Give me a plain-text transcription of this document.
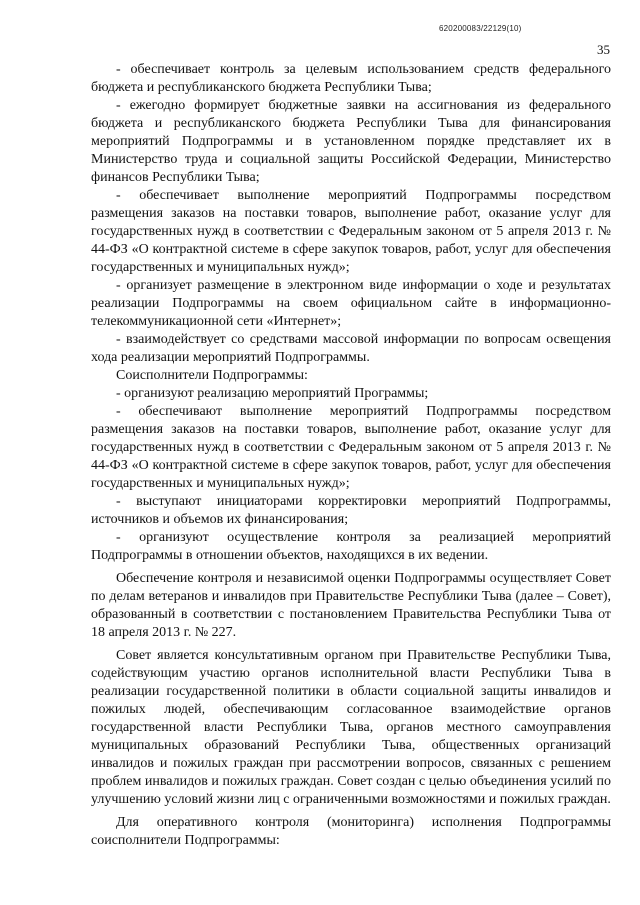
620200083/22129(10)
35

- обеспечивает контроль за целевым использованием средств федерального бюджета и республиканского бюджета Республики Тыва;

- ежегодно формирует бюджетные заявки на ассигнования из федерального бюджета и республиканского бюджета Республики Тыва для финансирования мероприятий Подпрограммы и в установленном порядке представляет их в Министерство труда и социальной защиты Российской Федерации, Министерство финансов Республики Тыва;

- обеспечивает выполнение мероприятий Подпрограммы посредством размещения заказов на поставки товаров, выполнение работ, оказание услуг для государственных нужд в соответствии с Федеральным законом от 5 апреля 2013 г. № 44-ФЗ «О контрактной системе в сфере закупок товаров, работ, услуг для обеспечения государственных и муниципальных нужд»;

- организует размещение в электронном виде информации о ходе и результатах реализации Подпрограммы на своем официальном сайте в информационно-телекоммуникационной сети «Интернет»;

- взаимодействует со средствами массовой информации по вопросам освещения хода реализации мероприятий Подпрограммы.

Соисполнители Подпрограммы:

- организуют реализацию мероприятий Программы;

- обеспечивают выполнение мероприятий Подпрограммы посредством размещения заказов на поставки товаров, выполнение работ, оказание услуг для государственных нужд в соответствии с Федеральным законом от 5 апреля 2013 г. № 44-ФЗ «О контрактной системе в сфере закупок товаров, работ, услуг для обеспечения государственных и муниципальных нужд»;

- выступают инициаторами корректировки мероприятий Подпрограммы, источников и объемов их финансирования;

- организуют осуществление контроля за реализацией мероприятий Подпрограммы в отношении объектов, находящихся в их ведении.

Обеспечение контроля и независимой оценки Подпрограммы осуществляет Совет по делам ветеранов и инвалидов при Правительстве Республики Тыва (далее – Совет), образованный в соответствии с постановлением Правительства Республики Тыва от 18 апреля 2013 г. № 227.

Совет является консультативным органом при Правительстве Республики Тыва, содействующим участию органов исполнительной власти Республики Тыва в реализации государственной политики в области социальной защиты инвалидов и пожилых людей, обеспечивающим согласованное взаимодействие органов государственной власти Республики Тыва, органов местного самоуправления муниципальных образований Республики Тыва, общественных организаций инвалидов и пожилых граждан при рассмотрении вопросов, связанных с решением проблем инвалидов и пожилых граждан. Совет создан с целью объединения усилий по улучшению условий жизни лиц с ограниченными возможностями и пожилых граждан.

Для оперативного контроля (мониторинга) исполнения Подпрограммы соисполнители Подпрограммы:
